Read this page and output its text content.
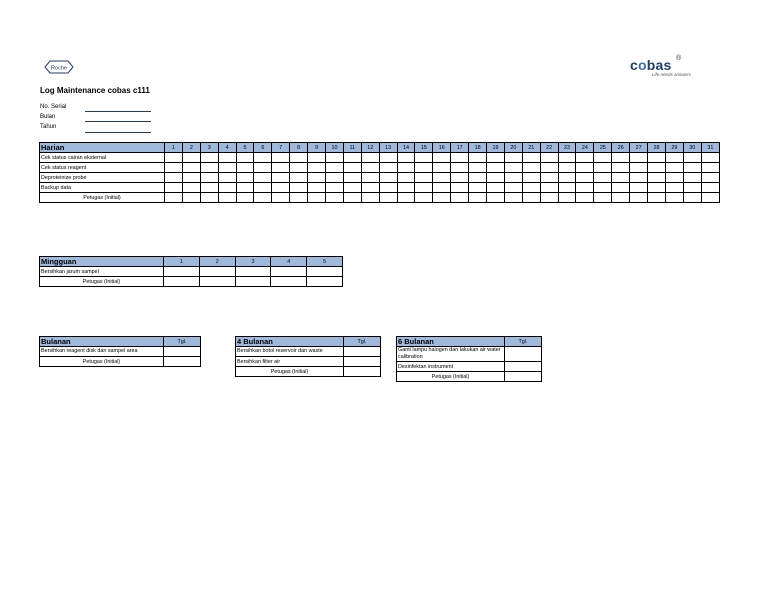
Roche	cobas ®
Life needs answers
Log Maintenance cobas c111
No. Serial
Bulan
Tahun
Harian	1	2	3	4	5	6	7	8	9	10	11	12	13	14	15	16	17	18	19	20	21	22	23	24	25	26	27	28	29	30	31
Cek status cairan eksternal																															
Cek status reagent																															
Deproteinize probe																															
Backup data																															
Petugas (Initial)																															
Mingguan	1	2	3	4	5
Bersihkan jarum sampel					
Petugas (Initial)					
Bulanan	Tgl.
Bersihkan reagent disk dan sampel area	
Petugas (Initial)	
4 Bulanan	Tgl.
Bersihkan botol reservoir dan waste	
Bersihkan filter air	
Petugas (Initial)	
6 Bulanan	Tgl.
Ganti lampu halogen dan lakukan air water calibration	
Desinfektan instrument	
Petugas (Initial)	
